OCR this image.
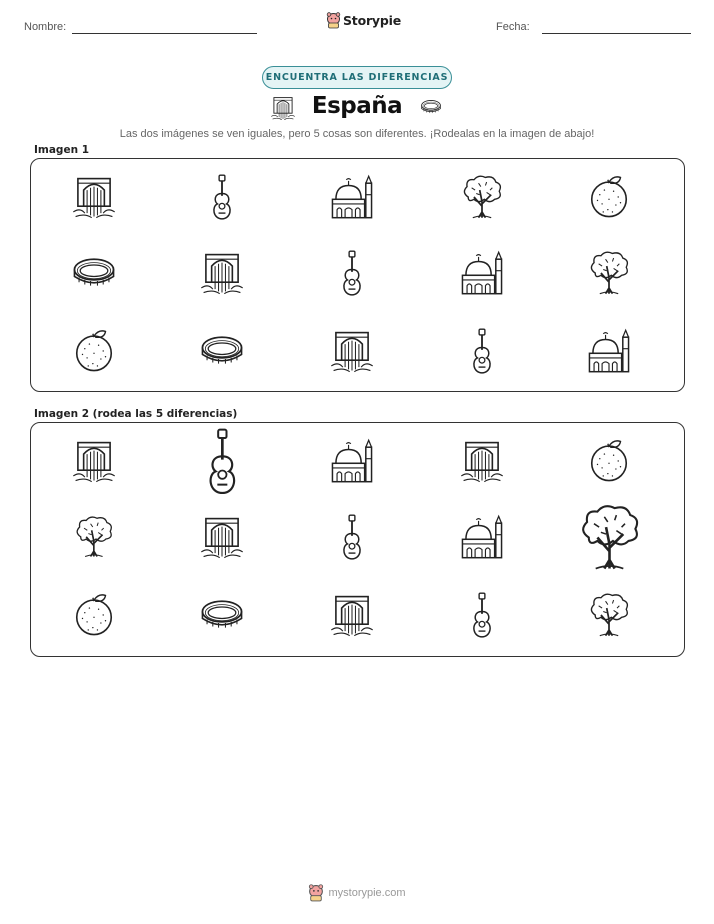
Nombre:	Storypie	Fecha:
ENCUENTRA LAS DIFERENCIAS
España
Las dos imágenes se ven iguales, pero 5 cosas son diferentes. ¡Rodealas en la imagen de abajo!
Imagen 1
Imagen 2 (rodea las 5 diferencias)
mystorypie.com
